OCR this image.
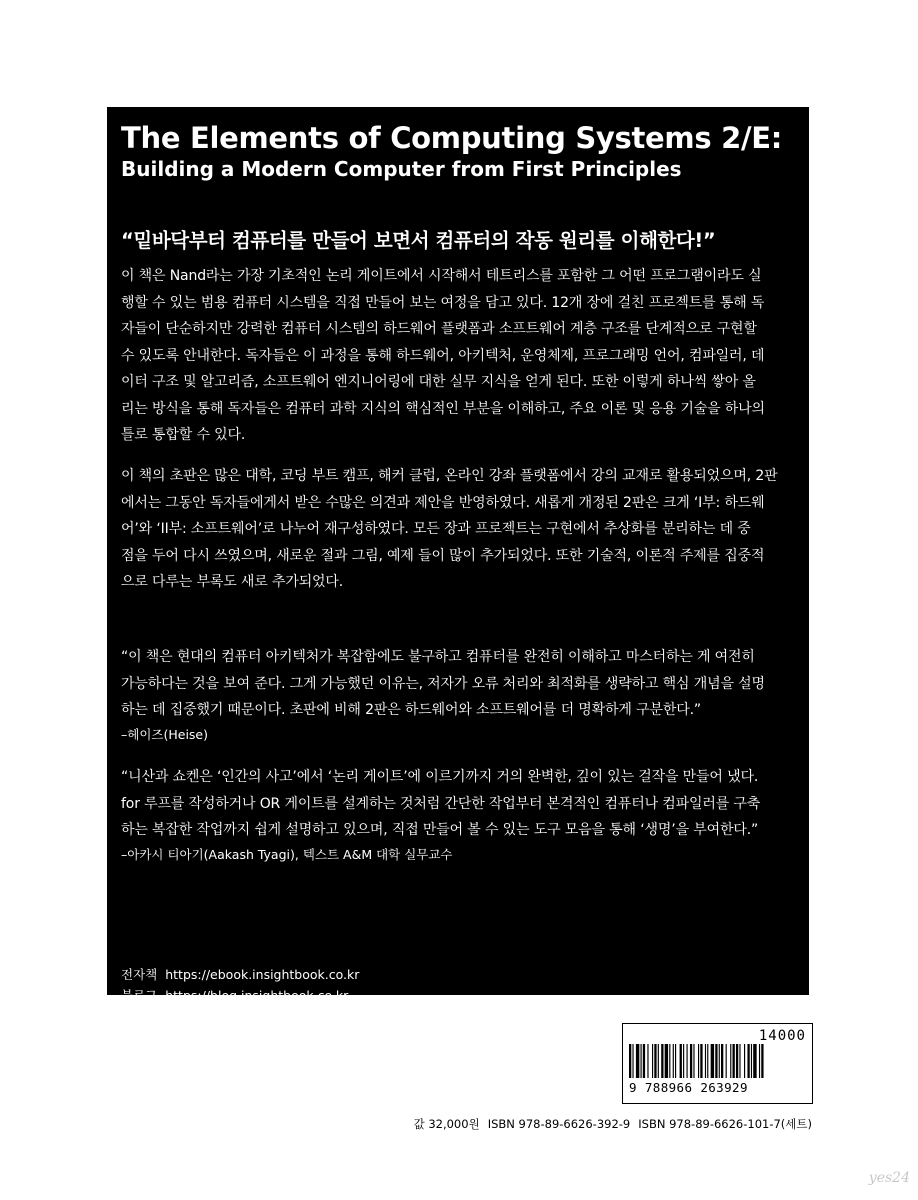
The Elements of Computing Systems 2/E:
Building a Modern Computer from First Principles
“밑바닥부터 컴퓨터를 만들어 보면서 컴퓨터의 작동 원리를 이해한다!”
이 책은 Nand라는 가장 기초적인 논리 게이트에서 시작해서 테트리스를 포함한 그 어떤 프로그램이라도 실
행할 수 있는 범용 컴퓨터 시스템을 직접 만들어 보는 여정을 담고 있다. 12개 장에 걸친 프로젝트를 통해 독
자들이 단순하지만 강력한 컴퓨터 시스템의 하드웨어 플랫폼과 소프트웨어 계층 구조를 단계적으로 구현할
수 있도록 안내한다. 독자들은 이 과정을 통해 하드웨어, 아키텍처, 운영체제, 프로그래밍 언어, 컴파일러, 데
이터 구조 및 알고리즘, 소프트웨어 엔지니어링에 대한 실무 지식을 얻게 된다. 또한 이렇게 하나씩 쌓아 올
리는 방식을 통해 독자들은 컴퓨터 과학 지식의 핵심적인 부분을 이해하고, 주요 이론 및 응용 기술을 하나의
틀로 통합할 수 있다.
이 책의 초판은 많은 대학, 코딩 부트 캠프, 해커 클럽, 온라인 강좌 플랫폼에서 강의 교재로 활용되었으며, 2판
에서는 그동안 독자들에게서 받은 수많은 의견과 제안을 반영하였다. 새롭게 개정된 2판은 크게 ‘I부: 하드웨
어’와 ‘II부: 소프트웨어’로 나누어 재구성하였다. 모든 장과 프로젝트는 구현에서 추상화를 분리하는 데 중
점을 두어 다시 쓰였으며, 새로운 절과 그림, 예제 들이 많이 추가되었다. 또한 기술적, 이론적 주제를 집중적
으로 다루는 부록도 새로 추가되었다.
“이 책은 현대의 컴퓨터 아키텍처가 복잡함에도 불구하고 컴퓨터를 완전히 이해하고 마스터하는 게 여전히
가능하다는 것을 보여 준다. 그게 가능했던 이유는, 저자가 오류 처리와 최적화를 생략하고 핵심 개념을 설명
하는 데 집중했기 때문이다. 초판에 비해 2판은 하드웨어와 소프트웨어를 더 명확하게 구분한다.”
–헤이즈(Heise)
“니산과 쇼켄은 ‘인간의 사고’에서 ‘논리 게이트’에 이르기까지 거의 완벽한, 깊이 있는 걸작을 만들어 냈다.
for 루프를 작성하거나 OR 게이트를 설계하는 것처럼 간단한 작업부터 본격적인 컴퓨터나 컴파일러를 구축
하는 복잡한 작업까지 쉽게 설명하고 있으며, 직접 만들어 볼 수 있는 도구 모음을 통해 ‘생명’을 부여한다.”
–아카시 티아기(Aakash Tyagi), 텍스트 A&M 대학 실무교수
전자책 https://ebook.insightbook.co.kr
블로그 https://blog.insightbook.co.kr
페이스북 https://facebook.com/insightbook
트위터 @insightbook
인스타그램 @insightbook.co.kr
14000
9 788966 263929
값 32,000원 ISBN 978-89-6626-392-9 ISBN 978-89-6626-101-7(세트)
yes24
